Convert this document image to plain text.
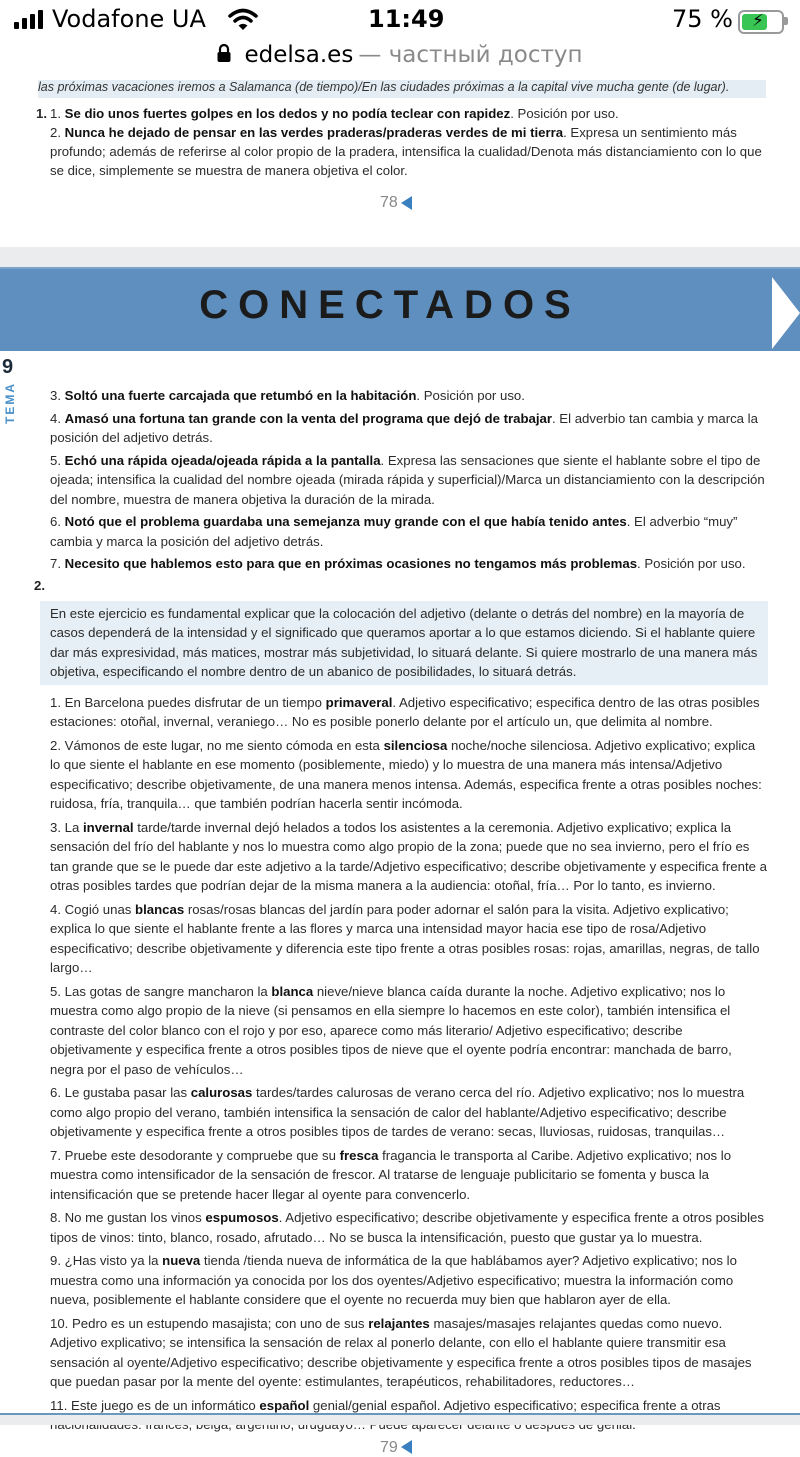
Vodafone UA	11:49	75 % ⚡
edelsa.es — частный доступ
las próximas vacaciones iremos a Salamanca (de tiempo)/En las ciudades próximas a la capital vive mucha gente (de lugar).
1. 1. Se dio unos fuertes golpes en los dedos y no podía teclear con rapidez. Posición por uso.
2. Nunca he dejado de pensar en las verdes praderas/praderas verdes de mi tierra. Expresa un sentimiento más profundo; además de referirse al color propio de la pradera, intensifica la cualidad/Denota más distanciamiento con lo que se dice, simplemente se muestra de manera objetiva el color.
78
CONECTADOS
9
TEMA	3. Soltó una fuerte carcajada que retumbó en la habitación. Posición por uso.
4. Amasó una fortuna tan grande con la venta del programa que dejó de trabajar. El adverbio tan cambia y marca la posición del adjetivo detrás.
5. Echó una rápida ojeada/ojeada rápida a la pantalla. Expresa las sensaciones que siente el hablante sobre el tipo de ojeada; intensifica la cualidad del nombre ojeada (mirada rápida y superficial)/Marca un distanciamiento con la descripción del nombre, muestra de manera objetiva la duración de la mirada.
6. Notó que el problema guardaba una semejanza muy grande con el que había tenido antes. El adverbio “muy” cambia y marca la posición del adjetivo detrás.
7. Necesito que hablemos esto para que en próximas ocasiones no tengamos más problemas. Posición por uso.
2.
En este ejercicio es fundamental explicar que la colocación del adjetivo (delante o detrás del nombre) en la mayoría de casos dependerá de la intensidad y el significado que queramos aportar a lo que estamos diciendo. Si el hablante quiere dar más expresividad, más matices, mostrar más subjetividad, lo situará delante. Si quiere mostrarlo de una manera más objetiva, especificando el nombre dentro de un abanico de posibilidades, lo situará detrás.
1. En Barcelona puedes disfrutar de un tiempo primaveral. Adjetivo especificativo; especifica dentro de las otras posibles estaciones: otoñal, invernal, veraniego… No es posible ponerlo delante por el artículo un, que delimita al nombre.
2. Vámonos de este lugar, no me siento cómoda en esta silenciosa noche/noche silenciosa. Adjetivo explicativo; explica lo que siente el hablante en ese momento (posiblemente, miedo) y lo muestra de una manera más intensa/Adjetivo especificativo; describe objetivamente, de una manera menos intensa. Además, especifica frente a otras posibles noches: ruidosa, fría, tranquila… que también podrían hacerla sentir incómoda.
3. La invernal tarde/tarde invernal dejó helados a todos los asistentes a la ceremonia. Adjetivo explicativo; explica la sensación del frío del hablante y nos lo muestra como algo propio de la zona; puede que no sea invierno, pero el frío es tan grande que se le puede dar este adjetivo a la tarde/Adjetivo especificativo; describe objetivamente y especifica frente a otras posibles tardes que podrían dejar de la misma manera a la audiencia: otoñal, fría… Por lo tanto, es invierno.
4. Cogió unas blancas rosas/rosas blancas del jardín para poder adornar el salón para la visita. Adjetivo explicativo; explica lo que siente el hablante frente a las flores y marca una intensidad mayor hacia ese tipo de rosa/Adjetivo especificativo; describe objetivamente y diferencia este tipo frente a otras posibles rosas: rojas, amarillas, negras, de tallo largo…
5. Las gotas de sangre mancharon la blanca nieve/nieve blanca caída durante la noche. Adjetivo explicativo; nos lo muestra como algo propio de la nieve (si pensamos en ella siempre lo hacemos en este color), también intensifica el contraste del color blanco con el rojo y por eso, aparece como más literario/ Adjetivo especificativo; describe objetivamente y especifica frente a otros posibles tipos de nieve que el oyente podría encontrar: manchada de barro, negra por el paso de vehículos…
6. Le gustaba pasar las calurosas tardes/tardes calurosas de verano cerca del río. Adjetivo explicativo; nos lo muestra como algo propio del verano, también intensifica la sensación de calor del hablante/Adjetivo especificativo; describe objetivamente y especifica frente a otros posibles tipos de tardes de verano: secas, lluviosas, ruidosas, tranquilas…
7. Pruebe este desodorante y compruebe que su fresca fragancia le transporta al Caribe. Adjetivo explicativo; nos lo muestra como intensificador de la sensación de frescor. Al tratarse de lenguaje publicitario se fomenta y busca la intensificación que se pretende hacer llegar al oyente para convencerlo.
8. No me gustan los vinos espumosos. Adjetivo especificativo; describe objetivamente y especifica frente a otros posibles tipos de vinos: tinto, blanco, rosado, afrutado… No se busca la intensificación, puesto que gustar ya lo muestra.
9. ¿Has visto ya la nueva tienda /tienda nueva de informática de la que hablábamos ayer? Adjetivo explicativo; nos lo muestra como una información ya conocida por los dos oyentes/Adjetivo especificativo; muestra la información como nueva, posiblemente el hablante considere que el oyente no recuerda muy bien que hablaron ayer de ella.
10. Pedro es un estupendo masajista; con uno de sus relajantes masajes/masajes relajantes quedas como nuevo. Adjetivo explicativo; se intensifica la sensación de relax al ponerlo delante, con ello el hablante quiere transmitir esa sensación al oyente/Adjetivo especificativo; describe objetivamente y especifica frente a otros posibles tipos de masajes que puedan pasar por la mente del oyente: estimulantes, terapéuticos, rehabilitadores, reductores…
11. Este juego es de un informático español genial/genial español. Adjetivo especificativo; especifica frente a otras
79
